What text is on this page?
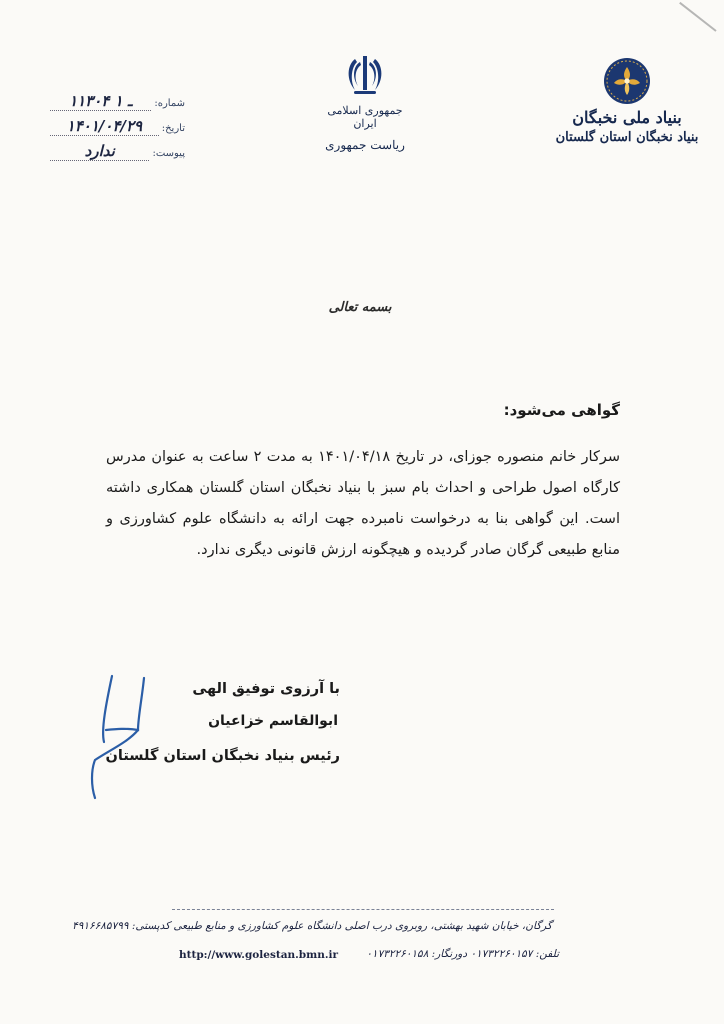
بنیاد ملی نخبگان
بنیاد نخبگان استان گلستان
جمهوری اسلامی ایران
ریاست جمهوری
شماره:
۱۱۳۰۴ ـ ۱
تاریخ:
۱۴۰۱/۰۴/۲۹
پیوست:
ندارد
بسمه تعالی
گواهی می‌شود:

سرکار خانم منصوره جوزای، در تاریخ ۱۴۰۱/۰۴/۱۸ به مدت ۲ ساعت به عنوان مدرس کارگاه اصول طراحی و احداث بام سبز با بنیاد نخبگان استان گلستان همکاری داشته است. این گواهی بنا به درخواست نامبرده جهت ارائه به دانشگاه علوم کشاورزی و منابع طبیعی گرگان صادر گردیده و هیچگونه ارزش قانونی دیگری ندارد.

با آرزوی توفیق الهی
ابوالقاسم خزاعیان
رئیس بنیاد نخبگان استان گلستان
گرگان، خیابان شهید بهشتی، روبروی درب اصلی دانشگاه علوم کشاورزی و منابع طبیعی کدپستی: ۴۹۱۶۶۸۵۷۹۹
تلفن: ۰۱۷۳۲۲۶۰۱۵۷ دورنگار: ۰۱۷۳۲۲۶۰۱۵۸
http://www.golestan.bmn.ir
